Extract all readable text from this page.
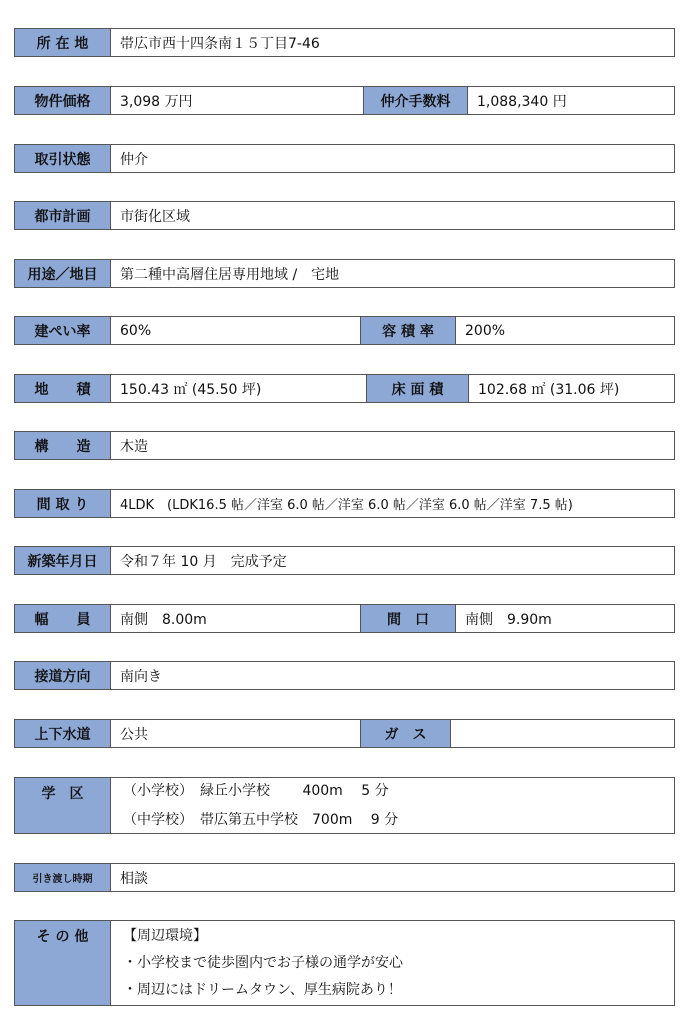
所 在 地	帯広市西十四条南１５丁目7-46
物件価格	3,098 万円	仲介手数料	1,088,340 円
取引状態	仲介
都市計画	市街化区域
用途／地目	第二種中高層住居専用地域 /　宅地
建ぺい率	60%	容 積 率	200%
地　　積	150.43 ㎡ (45.50 坪)	床 面 積	102.68 ㎡ (31.06 坪)
構　　造	木造
間 取 り	4LDK　(LDK16.5 帖／洋室 6.0 帖／洋室 6.0 帖／洋室 6.0 帖／洋室 7.5 帖)
新築年月日	令和７年 10 月　完成予定
幅　　員	南側　8.00m	間　口	南側　9.90m
接道方向	南向き
上下水道	公共	ガ　ス
学　区	（小学校）　緑丘小学校　　 400m　 5 分
（中学校）　帯広第五中学校　700m　 9 分
引き渡し時期	相談
そ の 他	【周辺環境】
・小学校まで徒歩圏内でお子様の通学が安心
・周辺にはドリームタウン、厚生病院あり！
